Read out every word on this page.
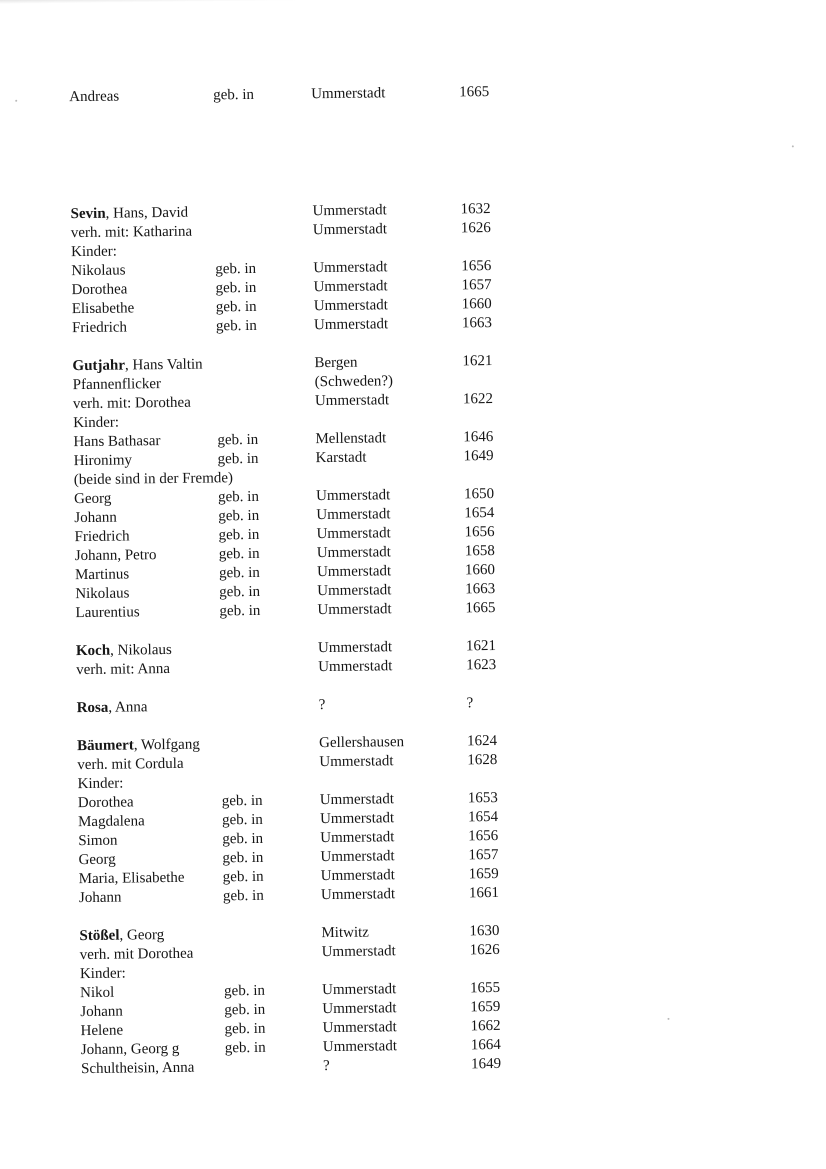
Andreas	geb. in	Ummerstadt	1665
Sevin, Hans, David	Ummerstadt	1632
verh. mit: Katharina	Ummerstadt	1626
Kinder:
Nikolaus	geb. in	Ummerstadt	1656
Dorothea	geb. in	Ummerstadt	1657
Elisabethe	geb. in	Ummerstadt	1660
Friedrich	geb. in	Ummerstadt	1663
Gutjahr, Hans Valtin	Bergen	1621
Pfannenflicker	(Schweden?)
verh. mit: Dorothea	Ummerstadt	1622
Kinder:
Hans Bathasar	geb. in	Mellenstadt	1646
Hironimy	geb. in	Karstadt	1649
(beide sind in der Fremde)
Georg	geb. in	Ummerstadt	1650
Johann	geb. in	Ummerstadt	1654
Friedrich	geb. in	Ummerstadt	1656
Johann, Petro	geb. in	Ummerstadt	1658
Martinus	geb. in	Ummerstadt	1660
Nikolaus	geb. in	Ummerstadt	1663
Laurentius	geb. in	Ummerstadt	1665
Koch, Nikolaus	Ummerstadt	1621
verh. mit: Anna	Ummerstadt	1623
Rosa, Anna	?	?
Bäumert, Wolfgang	Gellershausen	1624
verh. mit Cordula	Ummerstadt	1628
Kinder:
Dorothea	geb. in	Ummerstadt	1653
Magdalena	geb. in	Ummerstadt	1654
Simon	geb. in	Ummerstadt	1656
Georg	geb. in	Ummerstadt	1657
Maria, Elisabethe	geb. in	Ummerstadt	1659
Johann	geb. in	Ummerstadt	1661
Stößel, Georg	Mitwitz	1630
verh. mit Dorothea	Ummerstadt	1626
Kinder:
Nikol	geb. in	Ummerstadt	1655
Johann	geb. in	Ummerstadt	1659
Helene	geb. in	Ummerstadt	1662
Johann, Georg g	geb. in	Ummerstadt	1664
Schultheisin, Anna	?	1649
